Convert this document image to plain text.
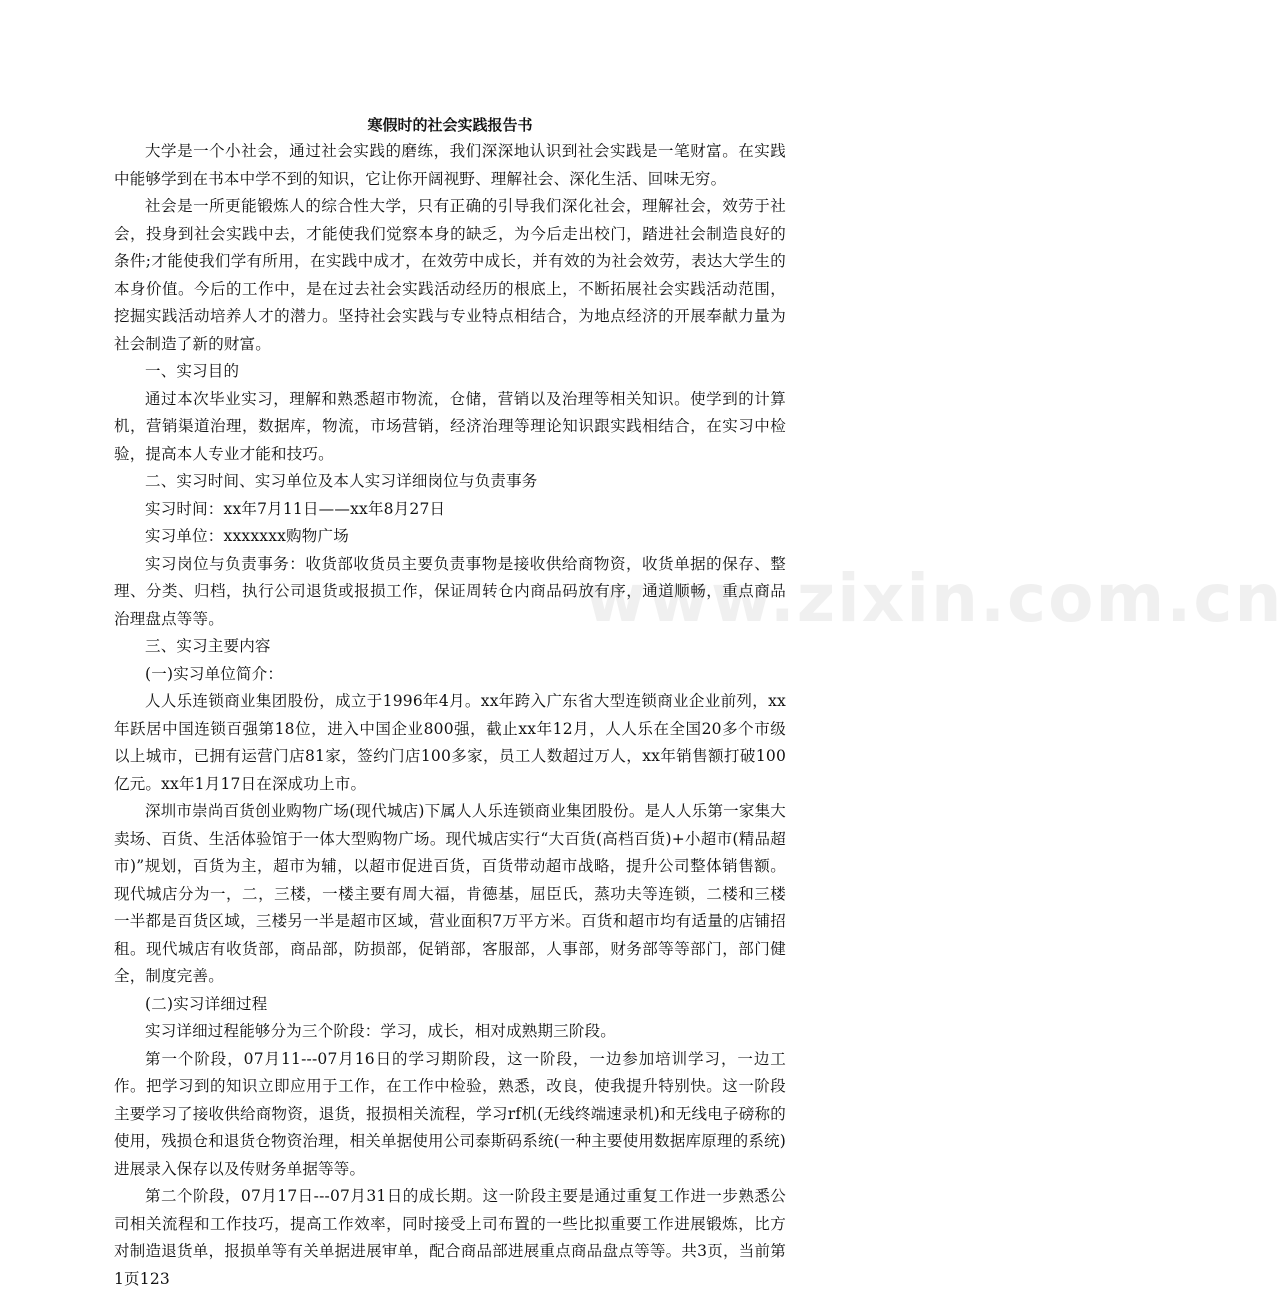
www.zixin.com.cn
寒假时的社会实践报告书

大学是一个小社会，通过社会实践的磨练，我们深深地认识到社会实践是一笔财富。在实践中能够学到在书本中学不到的知识，它让你开阔视野、理解社会、深化生活、回味无穷。

社会是一所更能锻炼人的综合性大学，只有正确的引导我们深化社会，理解社会，效劳于社会，投身到社会实践中去，才能使我们觉察本身的缺乏，为今后走出校门，踏进社会制造良好的条件;才能使我们学有所用，在实践中成才，在效劳中成长，并有效的为社会效劳，表达大学生的本身价值。今后的工作中，是在过去社会实践活动经历的根底上，不断拓展社会实践活动范围，挖掘实践活动培养人才的潜力。坚持社会实践与专业特点相结合，为地点经济的开展奉献力量为社会制造了新的财富。

一、实习目的

通过本次毕业实习，理解和熟悉超市物流，仓储，营销以及治理等相关知识。使学到的计算机，营销渠道治理，数据库，物流，市场营销，经济治理等理论知识跟实践相结合，在实习中检验，提高本人专业才能和技巧。

二、实习时间、实习单位及本人实习详细岗位与负责事务

实习时间：xx年7月11日——xx年8月27日

实习单位：xxxxxxx购物广场

实习岗位与负责事务：收货部收货员主要负责事物是接收供给商物资，收货单据的保存、整理、分类、归档，执行公司退货或报损工作，保证周转仓内商品码放有序，通道顺畅，重点商品治理盘点等等。

三、实习主要内容

(一)实习单位简介：

人人乐连锁商业集团股份，成立于1996年4月。xx年跨入广东省大型连锁商业企业前列，xx年跃居中国连锁百强第18位，进入中国企业800强，截止xx年12月，人人乐在全国20多个市级以上城市，已拥有运营门店81家，签约门店100多家，员工人数超过万人，xx年销售额打破100亿元。xx年1月17日在深成功上市。

深圳市崇尚百货创业购物广场(现代城店)下属人人乐连锁商业集团股份。是人人乐第一家集大卖场、百货、生活体验馆于一体大型购物广场。现代城店实行“大百货(高档百货)+小超市(精品超市)”规划，百货为主，超市为辅，以超市促进百货，百货带动超市战略，提升公司整体销售额。现代城店分为一，二，三楼，一楼主要有周大福，肯德基，屈臣氏，蒸功夫等连锁，二楼和三楼一半都是百货区域，三楼另一半是超市区域，营业面积7万平方米。百货和超市均有适量的店铺招租。现代城店有收货部，商品部，防损部，促销部，客服部，人事部，财务部等等部门，部门健全，制度完善。

(二)实习详细过程

实习详细过程能够分为三个阶段：学习，成长，相对成熟期三阶段。

第一个阶段，07月11---07月16日的学习期阶段，这一阶段，一边参加培训学习，一边工作。把学习到的知识立即应用于工作，在工作中检验，熟悉，改良，使我提升特别快。这一阶段主要学习了接收供给商物资，退货，报损相关流程，学习rf机(无线终端速录机)和无线电子磅称的使用，残损仓和退货仓物资治理，相关单据使用公司泰斯码系统(一种主要使用数据库原理的系统)进展录入保存以及传财务单据等等。

第二个阶段，07月17日---07月31日的成长期。这一阶段主要是通过重复工作进一步熟悉公司相关流程和工作技巧，提高工作效率，同时接受上司布置的一些比拟重要工作进展锻炼，比方对制造退货单，报损单等有关单据进展审单，配合商品部进展重点商品盘点等等。共3页，当前第1页123
